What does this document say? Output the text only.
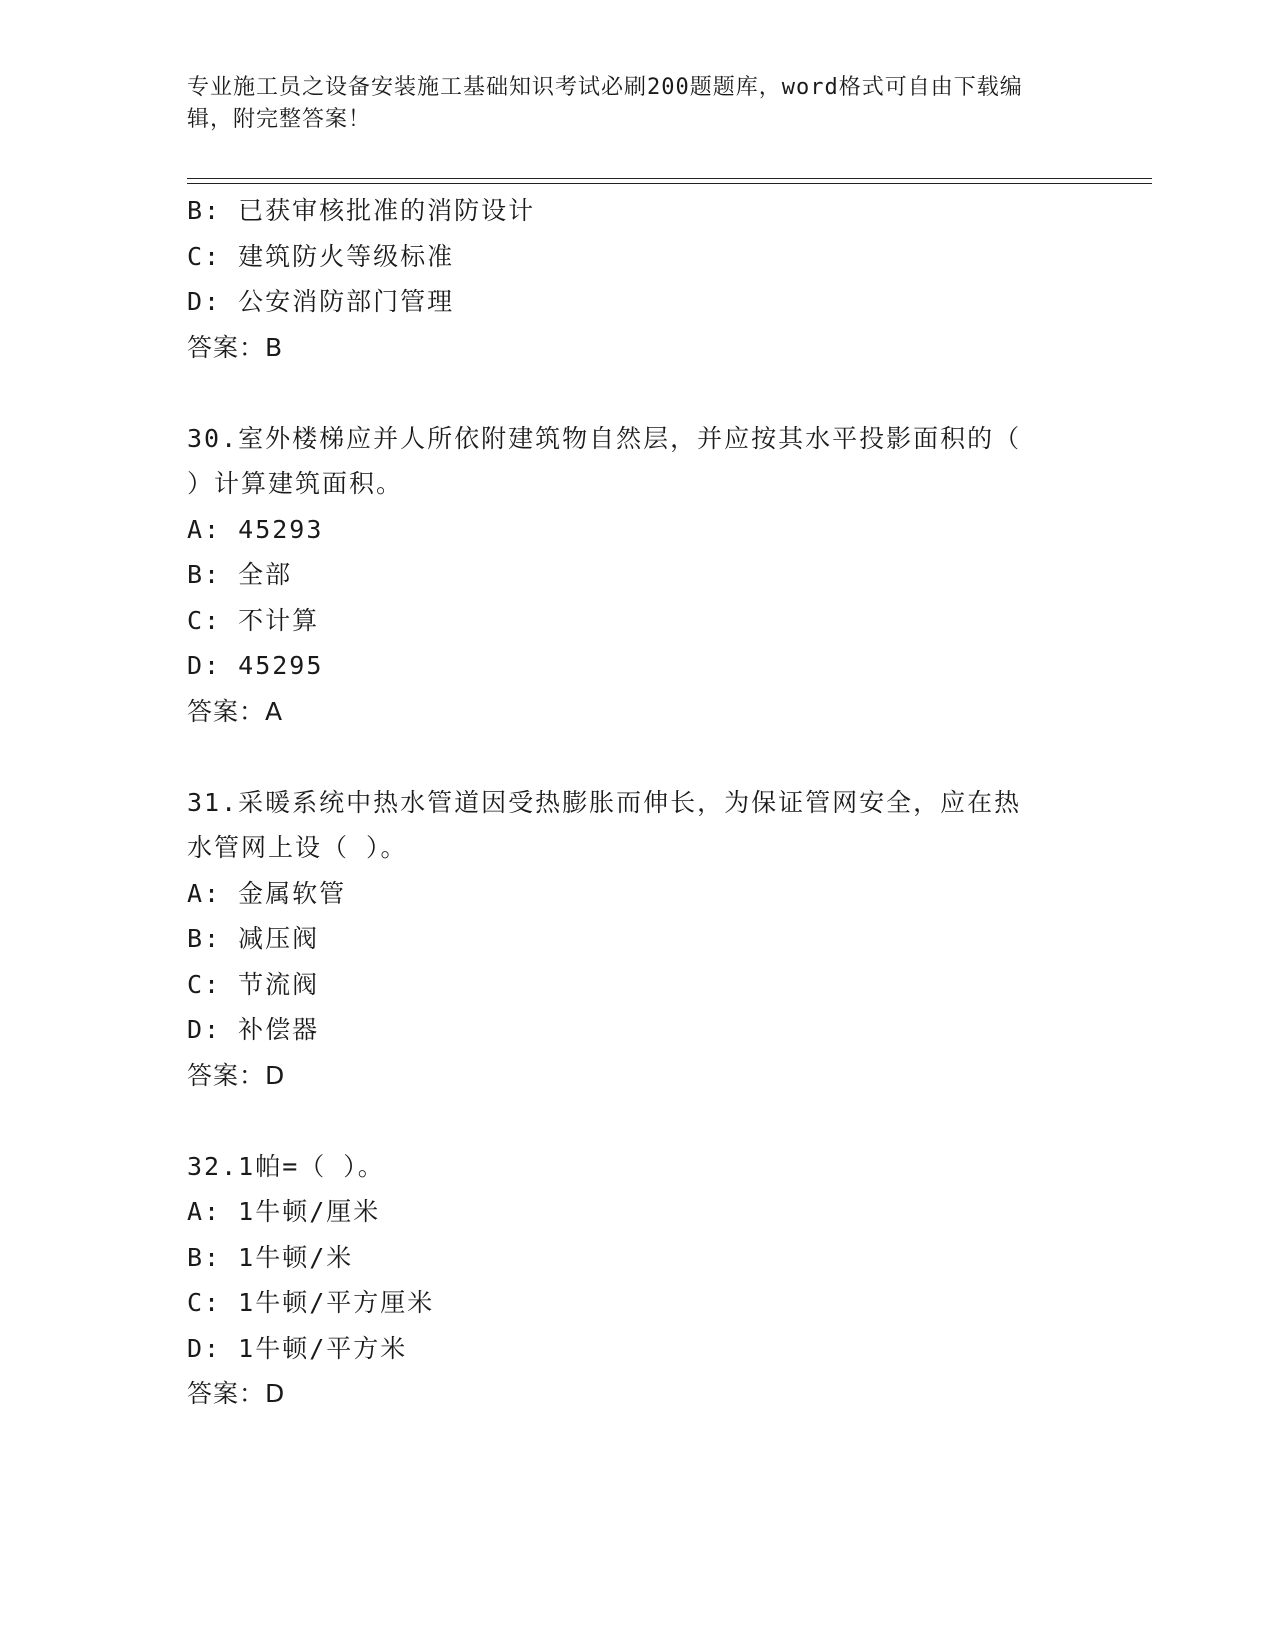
专业施工员之设备安装施工基础知识考试必刷200题题库，word格式可自由下载编辑，附完整答案！
B: 已获审核批准的消防设计
C: 建筑防火等级标准
D: 公安消防部门管理
答案：B
30.室外楼梯应并人所依附建筑物自然层，并应按其水平投影面积的（
）计算建筑面积。
A: 45293
B: 全部
C: 不计算
D: 45295
答案：A
31.采暖系统中热水管道因受热膨胀而伸长，为保证管网安全，应在热
水管网上设（ ）。
A: 金属软管
B: 减压阀
C: 节流阀
D: 补偿器
答案：D
32.1帕=（ ）。
A: 1牛顿/厘米
B: 1牛顿/米
C: 1牛顿/平方厘米
D: 1牛顿/平方米
答案：D
